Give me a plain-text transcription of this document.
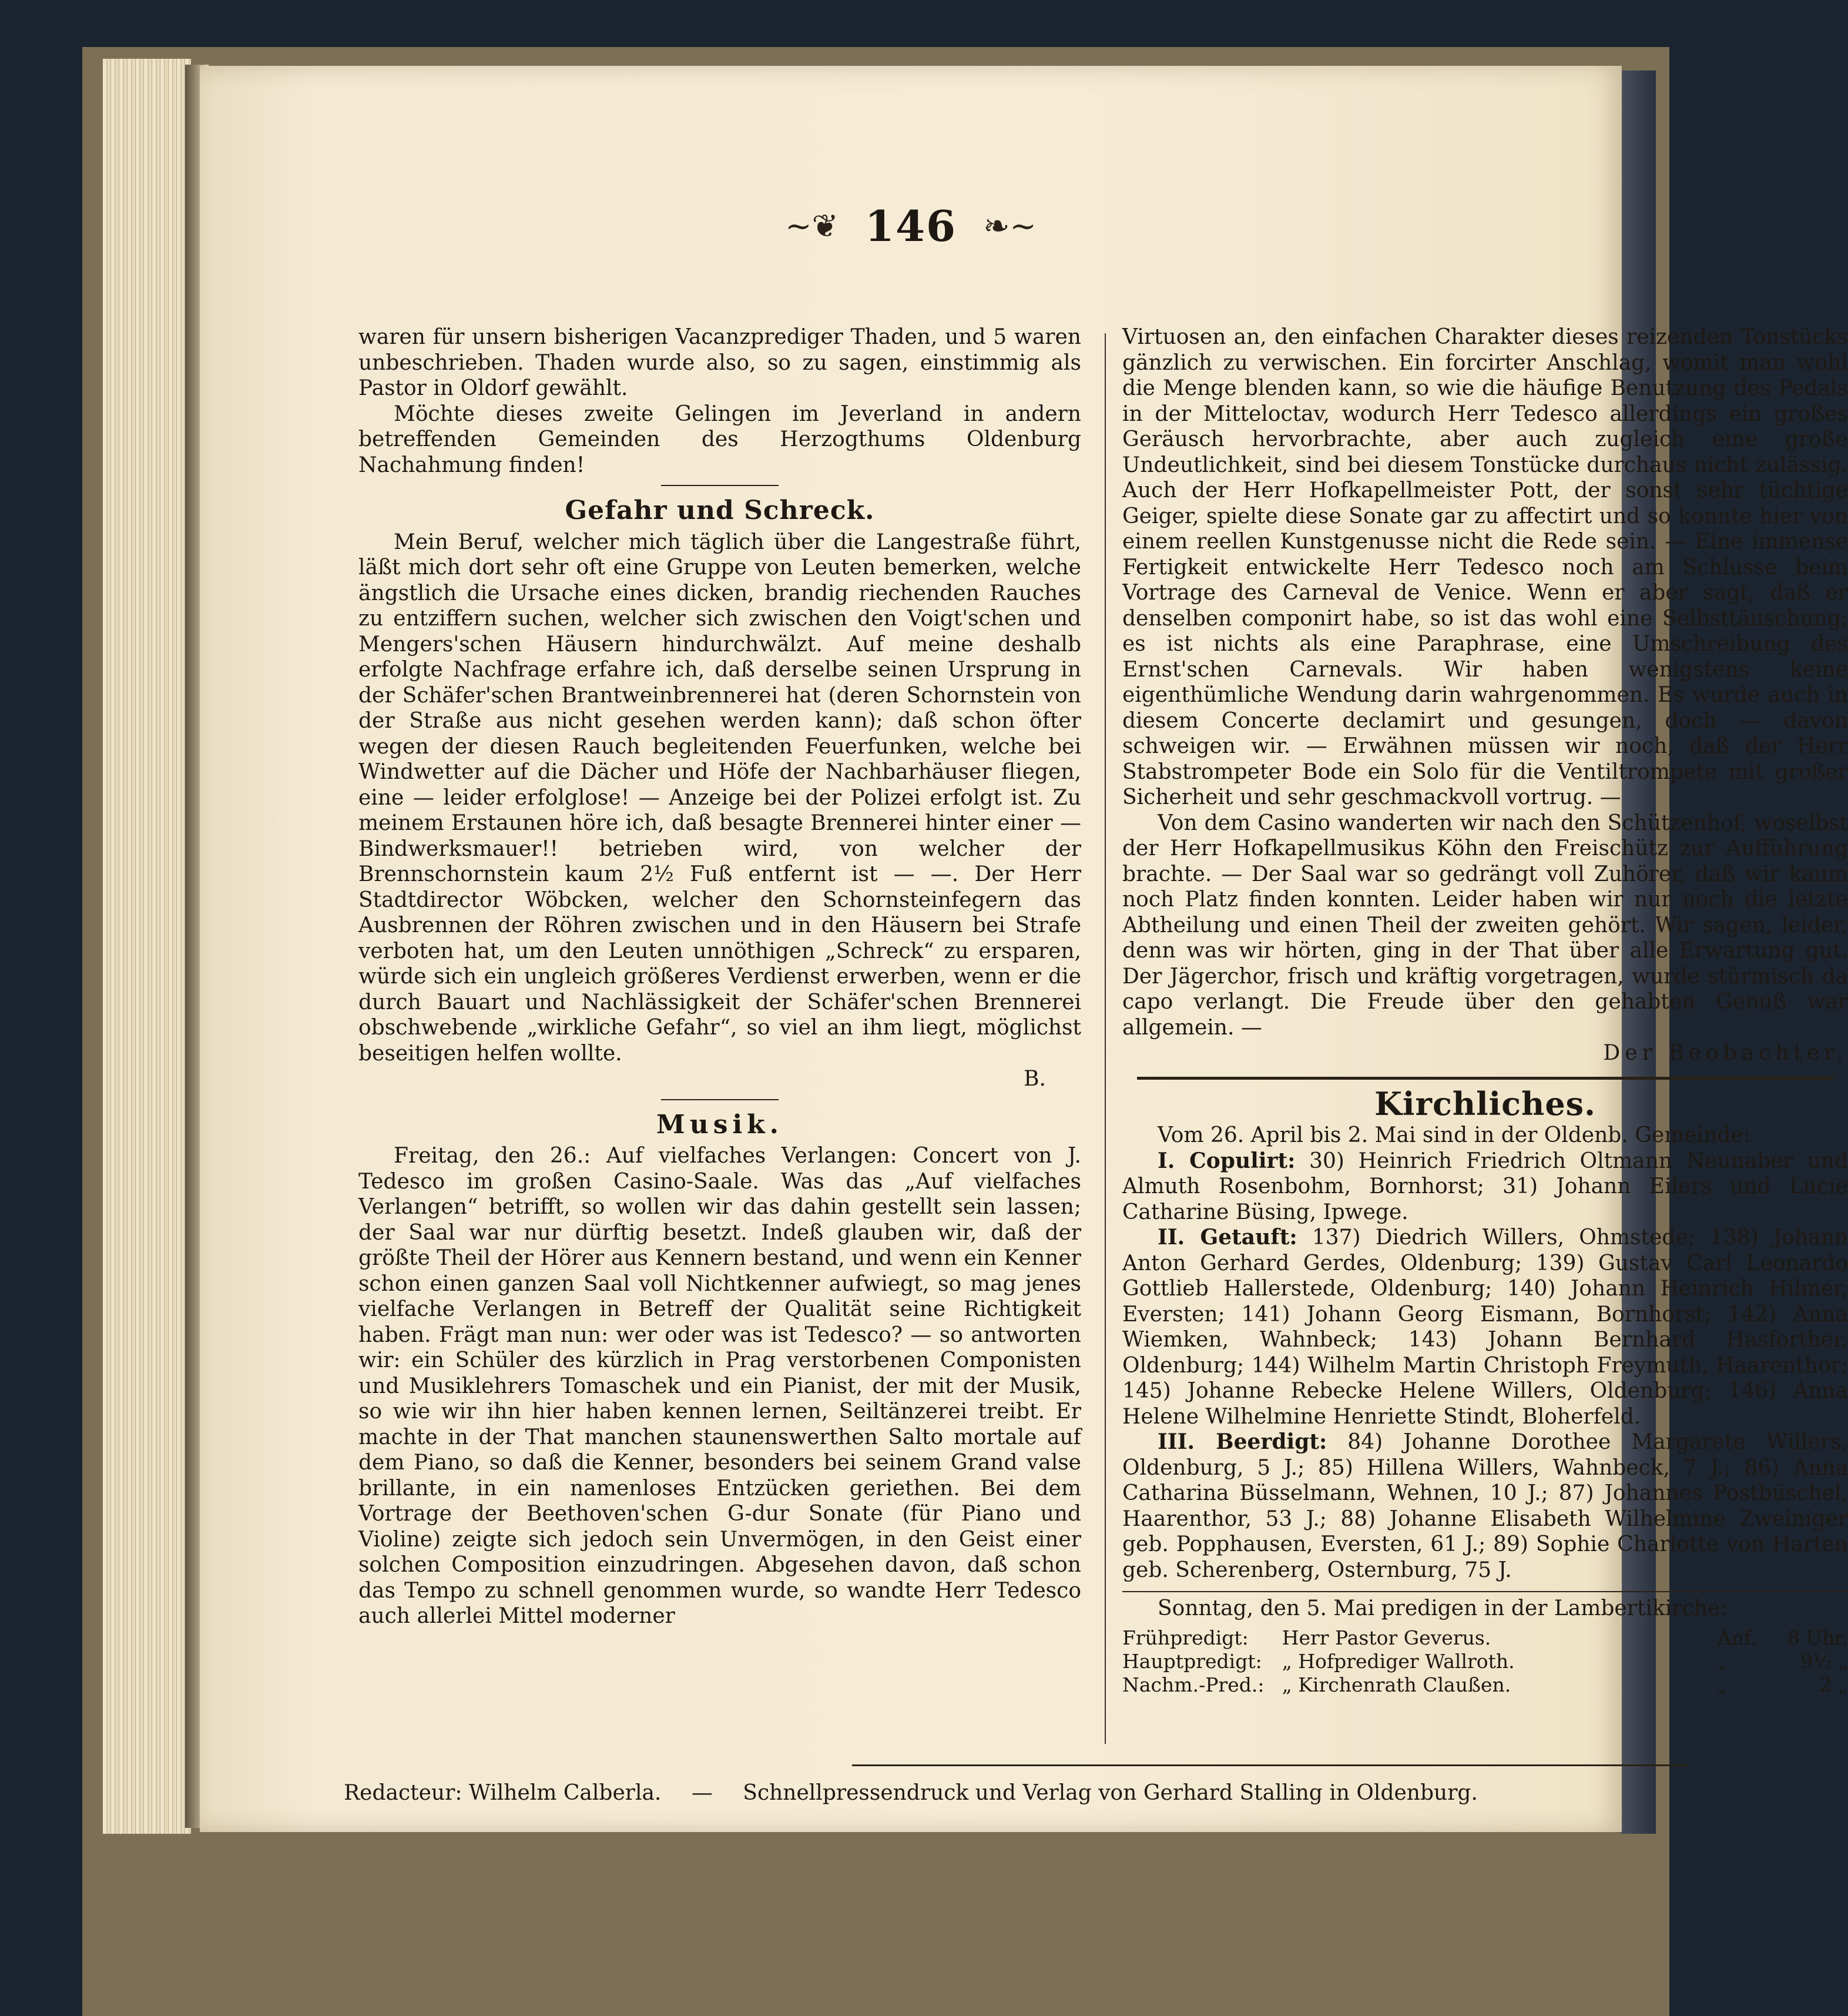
~❦ 146 ❧~

waren für unsern bisherigen Vacanzprediger Thaden, und 5 waren unbeschrieben. Thaden wurde also, so zu sagen, einstimmig als Pastor in Oldorf gewählt.

Möchte dieses zweite Gelingen im Jeverland in andern betreffenden Gemeinden des Herzogthums Oldenburg Nachahmung finden!

Gefahr und Schreck.

Mein Beruf, welcher mich täglich über die Langestraße führt, läßt mich dort sehr oft eine Gruppe von Leuten bemerken, welche ängstlich die Ursache eines dicken, brandig riechenden Rauches zu entziffern suchen, welcher sich zwischen den Voigt'schen und Mengers'schen Häusern hindurchwälzt. Auf meine deshalb erfolgte Nachfrage erfahre ich, daß derselbe seinen Ursprung in der Schäfer'schen Brantweinbrennerei hat (deren Schornstein von der Straße aus nicht gesehen werden kann); daß schon öfter wegen der diesen Rauch begleitenden Feuerfunken, welche bei Windwetter auf die Dächer und Höfe der Nachbarhäuser fliegen, eine — leider erfolglose! — Anzeige bei der Polizei erfolgt ist. Zu meinem Erstaunen höre ich, daß besagte Brennerei hinter einer — Bindwerksmauer!! betrieben wird, von welcher der Brennschornstein kaum 2½ Fuß entfernt ist — —. Der Herr Stadtdirector Wöbcken, welcher den Schornsteinfegern das Ausbrennen der Röhren zwischen und in den Häusern bei Strafe verboten hat, um den Leuten unnöthigen „Schreck“ zu ersparen, würde sich ein ungleich größeres Verdienst erwerben, wenn er die durch Bauart und Nachlässigkeit der Schäfer'schen Brennerei obschwebende „wirkliche Gefahr“, so viel an ihm liegt, möglichst beseitigen helfen wollte.

B.
Musik.

Freitag, den 26.: Auf vielfaches Verlangen: Concert von J. Tedesco im großen Casino-Saale. Was das „Auf vielfaches Verlangen“ betrifft, so wollen wir das dahin gestellt sein lassen; der Saal war nur dürftig besetzt. Indeß glauben wir, daß der größte Theil der Hörer aus Kennern bestand, und wenn ein Kenner schon einen ganzen Saal voll Nichtkenner aufwiegt, so mag jenes vielfache Verlangen in Betreff der Qualität seine Richtigkeit haben. Frägt man nun: wer oder was ist Tedesco? — so antworten wir: ein Schüler des kürzlich in Prag verstorbenen Componisten und Musiklehrers Tomaschek und ein Pianist, der mit der Musik, so wie wir ihn hier haben kennen lernen, Seiltänzerei treibt. Er machte in der That manchen staunenswerthen Salto mortale auf dem Piano, so daß die Kenner, besonders bei seinem Grand valse brillante, in ein namenloses Entzücken geriethen. Bei dem Vortrage der Beethoven'schen G-dur Sonate (für Piano und Violine) zeigte sich jedoch sein Unvermögen, in den Geist einer solchen Composition einzudringen. Abgesehen davon, daß schon das Tempo zu schnell genommen wurde, so wandte Herr Tedesco auch allerlei Mittel moderner

Virtuosen an, den einfachen Charakter dieses reizenden Tonstücks gänzlich zu verwischen. Ein forcirter Anschlag, womit man wohl die Menge blenden kann, so wie die häufige Benutzung des Pedals in der Mitteloctav, wodurch Herr Tedesco allerdings ein großes Geräusch hervorbrachte, aber auch zugleich eine große Undeutlichkeit, sind bei diesem Tonstücke durchaus nicht zulässig. Auch der Herr Hofkapellmeister Pott, der sonst sehr tüchtige Geiger, spielte diese Sonate gar zu affectirt und so konnte hier von einem reellen Kunstgenusse nicht die Rede sein. — Eine immense Fertigkeit entwickelte Herr Tedesco noch am Schlusse beim Vortrage des Carneval de Venice. Wenn er aber sagt, daß er denselben componirt habe, so ist das wohl eine Selbsttäuschung; es ist nichts als eine Paraphrase, eine Umschreibung des Ernst'schen Carnevals. Wir haben wenigstens keine eigenthümliche Wendung darin wahrgenommen. Es wurde auch in diesem Concerte declamirt und gesungen, doch — davon schweigen wir. — Erwähnen müssen wir noch, daß der Herr Stabstrompeter Bode ein Solo für die Ventiltrompete mit großer Sicherheit und sehr geschmackvoll vortrug. —

Von dem Casino wanderten wir nach den Schützenhof, woselbst der Herr Hofkapellmusikus Köhn den Freischütz zur Aufführung brachte. — Der Saal war so gedrängt voll Zuhörer, daß wir kaum noch Platz finden konnten. Leider haben wir nur noch die letzte Abtheilung und einen Theil der zweiten gehört. Wir sagen, leider, denn was wir hörten, ging in der That über alle Erwartung gut. Der Jägerchor, frisch und kräftig vorgetragen, wurde stürmisch da capo verlangt. Die Freude über den gehabten Genuß war allgemein. —

Der Beobachter.
Kirchliches.

Vom 26. April bis 2. Mai sind in der Oldenb. Gemeinde:

I. Copulirt: 30) Heinrich Friedrich Oltmann Neunaber und Almuth Rosenbohm, Bornhorst; 31) Johann Eilers und Lucie Catharine Büsing, Ipwege.

II. Getauft: 137) Diedrich Willers, Ohmstede; 138) Johann Anton Gerhard Gerdes, Oldenburg; 139) Gustav Carl Leonardo Gottlieb Hallerstede, Oldenburg; 140) Johann Heinrich Hilmer, Eversten; 141) Johann Georg Eismann, Bornhorst; 142) Anna Wiemken, Wahnbeck; 143) Johann Bernhard Hasforther, Oldenburg; 144) Wilhelm Martin Christoph Freymuth, Haarenthor; 145) Johanne Rebecke Helene Willers, Oldenburg; 146) Anna Helene Wilhelmine Henriette Stindt, Bloherfeld.

III. Beerdigt: 84) Johanne Dorothee Margarete Willers, Oldenburg, 5 J.; 85) Hillena Willers, Wahnbeck, 7 J.; 86) Anna Catharina Büsselmann, Wehnen, 10 J.; 87) Johannes Postbüschel, Haarenthor, 53 J.; 88) Johanne Elisabeth Wilhelmine Zweiniger geb. Popphausen, Eversten, 61 J.; 89) Sophie Charlotte von Harten geb. Scherenberg, Osternburg, 75 J.

Sonntag, den 5. Mai predigen in der Lambertikirche:

Frühpredigt:	Herr Pastor Geverus.	Anf.	8 Uhr.
Hauptpredigt:	„ Hofprediger Wallroth.	„	9½ „
Nachm.-Pred.:	„ Kirchenrath Claußen.	„	2 „
Redacteur: Wilhelm Calberla. — Schnellpressendruck und Verlag von Gerhard Stalling in Oldenburg.
